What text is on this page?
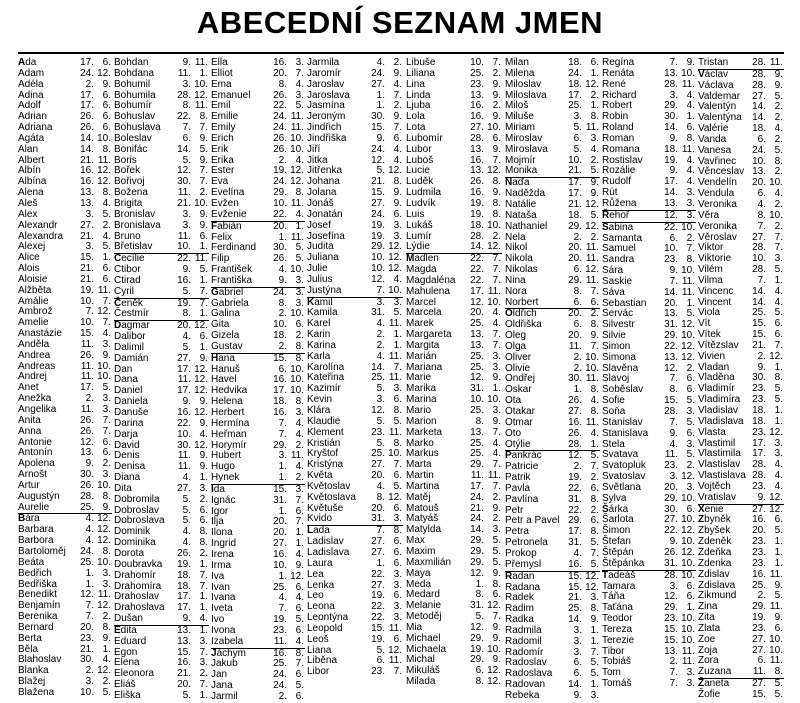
ABECEDNÍ SEZNAM JMEN
Ada	17. 6.
Adam	24. 12.
Adéla	2. 9.
Adina	17. 6.
Adolf	17. 6.
Adrian	26. 6.
Adriana	26. 6.
Agáta	14. 10.
Alan	14. 8.
Albert	21. 11.
Albín	16. 12.
Albína	16. 12.
Alena	13. 8.
Aleš	13. 4.
Alex	3. 5.
Alexandr	27. 2.
Alexandra	21. 4.
Alexej	3. 5.
Alice	15. 1.
Alois	21. 6.
Aloisie	21. 6.
Alžběta	19. 11.
Amálie	10. 7.
Ambrož	7. 12.
Amelie	10. 7.
Anastázie	15. 4.
Anděla	11. 3.
Andrea	26. 9.
Andreas	11. 10.
Andrej	11. 10.
Anet	17. 5.
Anežka	2. 3.
Angelika	11. 3.
Anita	26. 7.
Anna	26. 7.
Antonie	12. 6.
Antonín	13. 6.
Apolena	9. 2.
Arnošt	30. 3.
Artur	26. 10.
Augustýn	28. 8.
Aurelie	25. 9.
Bára	4. 12.
Barbara	4. 12.
Barbora	4. 12.
Bartoloměj	24. 8.
Beáta	25. 10.
Bedřich	1. 3.
Bedřiška	1. 3.
Benedikt	12. 11.
Benjamín	7. 12.
Berenika	7. 2.
Bernard	20. 8.
Berta	23. 9.
Běla	21. 1.
Blahoslav	30. 4.
Blanka	2. 12.
Blažej	3. 2.
Blažena	10. 5.
Bohdan	9. 11.
Bohdana	11. 1.
Bohumil	3. 10.
Bohumila	28. 12.
Bohumír	8. 11.
Bohuslav	22. 8.
Bohuslava	7. 7.
Boleslav	6. 9.
Bonifác	14. 5.
Boris	5. 9.
Bořek	12. 7.
Bořivoj	30. 7.
Božena	11. 2.
Brigita	21. 10.
Bronislav	3. 9.
Bronislava	3. 9.
Bruno	11. 6.
Břetislav	10. 1.
Cecílie	22. 11.
Ctibor	9. 5.
Ctirad	16. 1.
Cyril	5. 7.
Čeněk	19. 7.
Čestmír	8. 1.
Dagmar	20. 12.
Dalibor	4. 6.
Dalimil	5. 1.
Damián	27. 9.
Dan	17. 12.
Dana	11. 12.
Daniel	17. 12.
Daniela	9. 9.
Danuše	16. 12.
Darina	22. 9.
Darja	10. 4.
David	30. 12.
Denis	11. 9.
Denisa	11. 9.
Diana	4. 1.
Dita	27. 3.
Dobromila	5. 2.
Dobroslav	5. 6.
Dobroslava	5. 6.
Dominik	4. 8.
Dominika	4. 8.
Dorota	26. 2.
Doubravka	19. 1.
Drahomír	18. 7.
Drahomíra	18. 7.
Drahoslav	17. 1.
Drahoslava	17. 1.
Dušan	9. 4.
Edita	13. 1.
Eduard	13. 3.
Egon	15. 7.
Elena	16. 3.
Eleonora	21. 2.
Eliáš	20. 7.
Eliška	5. 1.
Ella	16. 3.
Elliot	20. 7.
Ema	8. 4.
Emanuel	26. 3.
Emil	22. 5.
Emilie	24. 11.
Emily	24. 11.
Erich	26. 10.
Erik	26. 10.
Erika	2. 4.
Ester	19. 12.
Eva	24. 12.
Evelína	29. 8.
Evžen	10. 11.
Evženie	22. 4.
Fabián	20. 1.
Felix	1. 11.
Ferdinand	30. 5.
Filip	26. 5.
František	4. 10.
Františka	9. 3.
Gabriel	24. 3.
Gabriela	8. 3.
Galina	2. 10.
Gita	10. 6.
Gizela	18. 2.
Gustav	2. 8.
Hana	15. 8.
Hanuš	6. 10.
Havel	16. 10.
Hedvika	17. 10.
Helena	18. 8.
Herbert	16. 3.
Hermína	7. 4.
Heřman	7. 4.
Horymír	29. 2.
Hubert	3. 11.
Hugo	1. 4.
Hynek	1. 2.
Ida	15. 3.
Ignác	31. 7.
Igor	1. 6.
Ilja	20. 7.
Ilona	20. 1.
Ingrid	27. 1.
Irena	16. 4.
Irma	10. 9.
Iva	1. 12.
Ivan	25. 6.
Ivana	4. 4.
Iveta	7. 6.
Ivo	19. 5.
Ivona	23. 6.
Izabela	11. 4.
Jáchym	16. 8.
Jakub	25. 7.
Jan	24. 6.
Jana	24. 5.
Jarmil	2. 6.
Jarmila	4. 2.
Jaromír	24. 9.
Jaroslav	27. 4.
Jaroslava	1. 7.
Jasmína	1. 2.
Jeroným	30. 9.
Jindřich	15. 7.
Jindřiška	9. 6.
Jiří	24. 4.
Jitka	12. 4.
Jitřenka	5. 12.
Johana	21. 8.
Jolana	15. 9.
Jonáš	27. 9.
Jonatán	24. 6.
Josef	19. 3.
Josefína	19. 3.
Judita	29. 12.
Juliana	10. 12.
Julie	10. 12.
Julius	12. 4.
Justýna	7. 10.
Kamil	3. 3.
Kamila	31. 5.
Karel	4. 11.
Karin	2. 1.
Karina	2. 1.
Karla	4. 11.
Karolína	14. 7.
Kateřina	25. 11.
Kazimír	5. 3.
Kevin	3. 6.
Klára	12. 8.
Klaudie	5. 5.
Klement	23. 11.
Kristián	5. 8.
Kryštof	25. 10.
Kristýna	27. 7.
Květa	20. 6.
Květoslav	4. 5.
Květoslava	8. 12.
Květuše	20. 6.
Kvido	31. 3.
Lada	7. 8.
Ladislav	27. 6.
Ladislava	27. 6.
Laura	1. 6.
Lea	22. 3.
Lenka	27. 3.
Leo	19. 6.
Leona	22. 3.
Leontýna	22. 3.
Leopold	15. 11.
Leoš	19. 6.
Liana	5. 12.
Liběna	6. 11.
Libor	23. 7.
Libuše	10. 7.
Liliana	25. 2.
Lina	23. 9.
Linda	13. 9.
Ljuba	16. 2.
Lola	16. 9.
Lota	27. 10.
Lubomír	28. 6.
Lubor	13. 9.
Luboš	16. 7.
Lucie	13. 12.
Luděk	26. 8.
Ludmila	16. 9.
Ludvík	19. 8.
Luis	19. 8.
Lukáš	18. 10.
Lumír	28. 2.
Lýdie	14. 12.
Madlen	22. 7.
Magda	22. 7.
Magdaléna	22. 7.
Mahulena	17. 11.
Marcel	12. 10.
Marcela	20. 4.
Marek	25. 4.
Margareta	13. 7.
Margita	13. 7.
Marián	25. 3.
Mariana	25. 3.
Marie	12. 9.
Marika	31. 1.
Marina	10. 10.
Mario	25. 3.
Marion	8. 9.
Marketa	13. 7.
Marko	25. 4.
Markus	25. 4.
Marta	29. 7.
Martin	11. 11.
Martina	17. 7.
Matěj	24. 2.
Matouš	21. 9.
Matyáš	24. 2.
Matylda	14. 3.
Max	29. 5.
Maxim	29. 5.
Maxmilián	29. 5.
Maya	12. 9.
Meda	1. 8.
Medard	8. 6.
Melanie	31. 12.
Metoděj	5. 7.
Mia	12. 9.
Michael	29. 9.
Michaela	19. 10.
Michal	29. 9.
Mikuláš	6. 12.
Milada	8. 12.
Milan	18. 6.
Milena	24. 1.
Miloslav	18. 12.
Miloslava	17. 2.
Miloš	25. 1.
Miluše	3. 8.
Miriam	5. 11.
Miroslav	6. 3.
Miroslava	5. 4.
Mojmír	10. 2.
Monika	21. 5.
Naďa	17. 9.
Naděžda	17. 9.
Natálie	21. 12.
Nataša	18. 5.
Nathaniel	29. 12.
Nela	2. 2.
Nikol	20. 11.
Nikola	20. 11.
Nikolas	6. 12.
Nina	29. 11.
Nora	8. 7.
Norbert	6. 6.
Oldřich	20. 2.
Oldřiška	6. 8.
Oleg	20. 9.
Olga	11. 7.
Oliver	2. 10.
Olivie	2. 10.
Ondřej	30. 11.
Oskar	1. 8.
Ota	26. 4.
Otakar	27. 8.
Otmar	16. 11.
Oto	26. 4.
Otýlie	28. 1.
Pankrác	12. 5.
Patricie	2. 7.
Patrik	19. 2.
Pavla	22. 6.
Pavlína	31. 8.
Petr	22. 2.
Petr a Pavel 29. 6.
Petra	17. 8.
Petronela	31. 5.
Prokop	4. 7.
Přemysl	16. 5.
Radan	15. 12.
Radana	15. 12.
Radek	21. 3.
Radim	25. 8.
Radka	14. 9.
Radmila	3. 1.
Radomil	3. 1.
Radomír	3. 7.
Radoslav	6. 5.
Radoslava	6. 5.
Radovan	14. 1.
Rebeka	9. 3.
Regína	7. 9.
Renáta	13. 10.
René	28. 11.
Richard	3. 4.
Robert	29. 4.
Robin	30. 1.
Roland	14. 6.
Roman	9. 8.
Romana	18. 11.
Rostislav	19. 4.
Rozálie	9. 4.
Rudolf	17. 4.
Rút	14. 3.
Růžena	13. 3.
Řehoř	12. 3.
Sabina	22. 10.
Samanta	6. 2.
Samuel	10. 7.
Sandra	23. 8.
Sára	9. 10.
Saskie	7. 11.
Sáva	14. 11.
Sebastian	20. 1.
Servác	13. 5.
Silvestr	31. 12.
Silvie	29. 10.
Simon	22. 12.
Simona	13. 12.
Slavěna	12. 2.
Slavoj	7. 6.
Soběslav	8. 6.
Sofie	15. 5.
Soňa	28. 3.
Stanislav	7. 5.
Stanislava	9. 6.
Stela	4. 3.
Svatava	11. 5.
Svatopluk	23. 2.
Svatoslav	3. 12.
Světlana	20. 3.
Sylva	29. 10.
Šárka	30. 6.
Šarlota	27. 10.
Šimon	22. 12.
Štefan	9. 10.
Štěpán	26. 12.
Štěpánka	31. 10.
Tadeáš	28. 10.
Tamara	3. 6.
Táňa	12. 6.
Taťána	29. 1.
Teodor	23. 10.
Tereza	15. 10.
Terezie	15. 10.
Tibor	13. 11.
Tobiáš	2. 11.
Tom	7. 3.
Tomáš	7. 3.
Tristan	28. 11.
Václav	28. 9.
Václava	28. 9.
Valdemar	27. 5.
Valentýn	14. 2.
Valentýna	14. 2.
Valérie	18. 4.
Vanda	6. 2.
Vanesa	24. 5.
Vavřinec	10. 8.
Věnceslav 13. 2.
Vendelín	20. 10.
Vendula	6. 4.
Veronika	4. 2.
Věra	8. 10.
Veronika	7. 2.
Věroslav	27. 7.
Viktor	28. 7.
Viktorie	10. 3.
Vilém	28. 5.
Vilma	7. 1.
Vincenc	14. 4.
Vincent	14. 4.
Viola	25. 5.
Vít	15. 6.
Vítek	15. 6.
Vítězslav	21. 7.
Vivien	2. 12.
Vladan	9. 1.
Vladěna	30. 8.
Vladimír	23. 5.
Vladimíra	23. 5.
Vladislav	18. 1.
Vladislava 18. 1.
Vlasta	23. 12.
Vlastimil	17. 3.
Vlastimila	17. 3.
Vlastislav	28. 4.
Vlastislava 28. 4.
Vojtěch	23. 4.
Vratislav	9. 12.
Xenie	27. 12.
Zbyněk	16. 6.
Zbyšek	20. 5.
Zdeněk	23. 1.
Zdeňka	23. 1.
Zdenka	23. 1.
Zdislav	16. 11.
Zdislava	25. 9.
Zikmund	2. 5.
Zina	29. 11.
Zita	19. 9.
Zlata	23. 6.
Zoe	27. 10.
Zoja	27. 10.
Zora	6. 11.
Zuzana	11. 8.
Žaneta	27. 5.
Žofie	15. 5.
